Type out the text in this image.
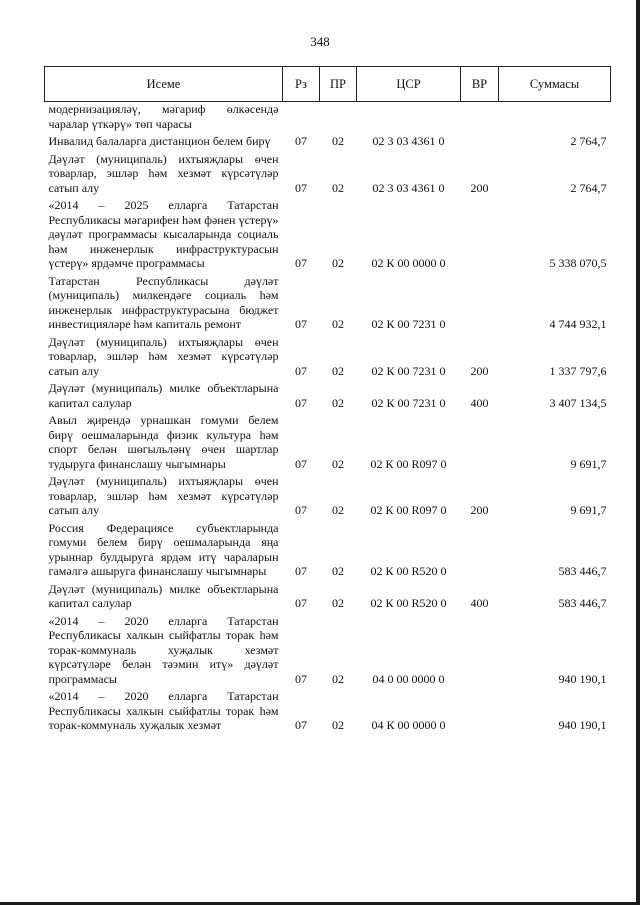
348
Исеме	Рз	ПР	ЦСР	ВР	Суммасы
модернизациялəү, мəгариф өлкəсендə чаралар үткəрү» төп чарасы					
Инвалид балаларга дистанцион белем бирү	07	02	02 3 03 4361 0		2 764,7
Дəүлəт (муниципаль) ихтыяҗлары өчен товарлар, эшлəр һəм хезмəт күрсəтүлəр сатып алу	07	02	02 3 03 4361 0	200	2 764,7
«2014 – 2025 елларга Татарстан Республикасы мəгарифен һəм фəнен үстерү» дəүлəт программасы кысаларында социаль һəм инженерлык инфраструктурасын үстерү» ярдəмче программасы	07	02	02 К 00 0000 0		5 338 070,5
Татарстан Республикасы дəүлəт (муниципаль) милкендəге социаль һəм инженерлык инфраструктурасына бюджет инвестициялəре һəм капиталь ремонт	07	02	02 К 00 7231 0		4 744 932,1
Дəүлəт (муниципаль) ихтыяҗлары өчен товарлар, эшлəр һəм хезмəт күрсəтүлəр сатып алу	07	02	02 К 00 7231 0	200	1 337 797,6
Дəүлəт (муниципаль) милке объектларына капитал салулар	07	02	02 К 00 7231 0	400	3 407 134,5
Авыл җирендə урнашкан гомуми белем бирү оешмаларында физик культура һəм спорт белəн шөгыльлəнү өчен шартлар тудыруга финанслашу чыгымнары	07	02	02 К 00 R097 0		9 691,7
Дəүлəт (муниципаль) ихтыяҗлары өчен товарлар, эшлəр һəм хезмəт күрсəтүлəр сатып алу	07	02	02 К 00 R097 0	200	9 691,7
Россия Федерациясе субъектларында гомуми белем бирү оешмаларында яңа урыннар булдыруга ярдəм итү чараларын гамəлгə ашыруга финанслашу чыгымнары	07	02	02 К 00 R520 0		583 446,7
Дəүлəт (муниципаль) милке объектларына капитал салулар	07	02	02 К 00 R520 0	400	583 446,7
«2014 – 2020 елларга Татарстан Республикасы халкын сыйфатлы торак һəм торак-коммуналь хуҗалык хезмəт күрсəтүлəре белəн тəэмин итү» дəүлəт программасы	07	02	04 0 00 0000 0		940 190,1
«2014 – 2020 елларга Татарстан Республикасы халкын сыйфатлы торак һəм торак-коммуналь хуҗалык хезмəт	07	02	04 К 00 0000 0		940 190,1
